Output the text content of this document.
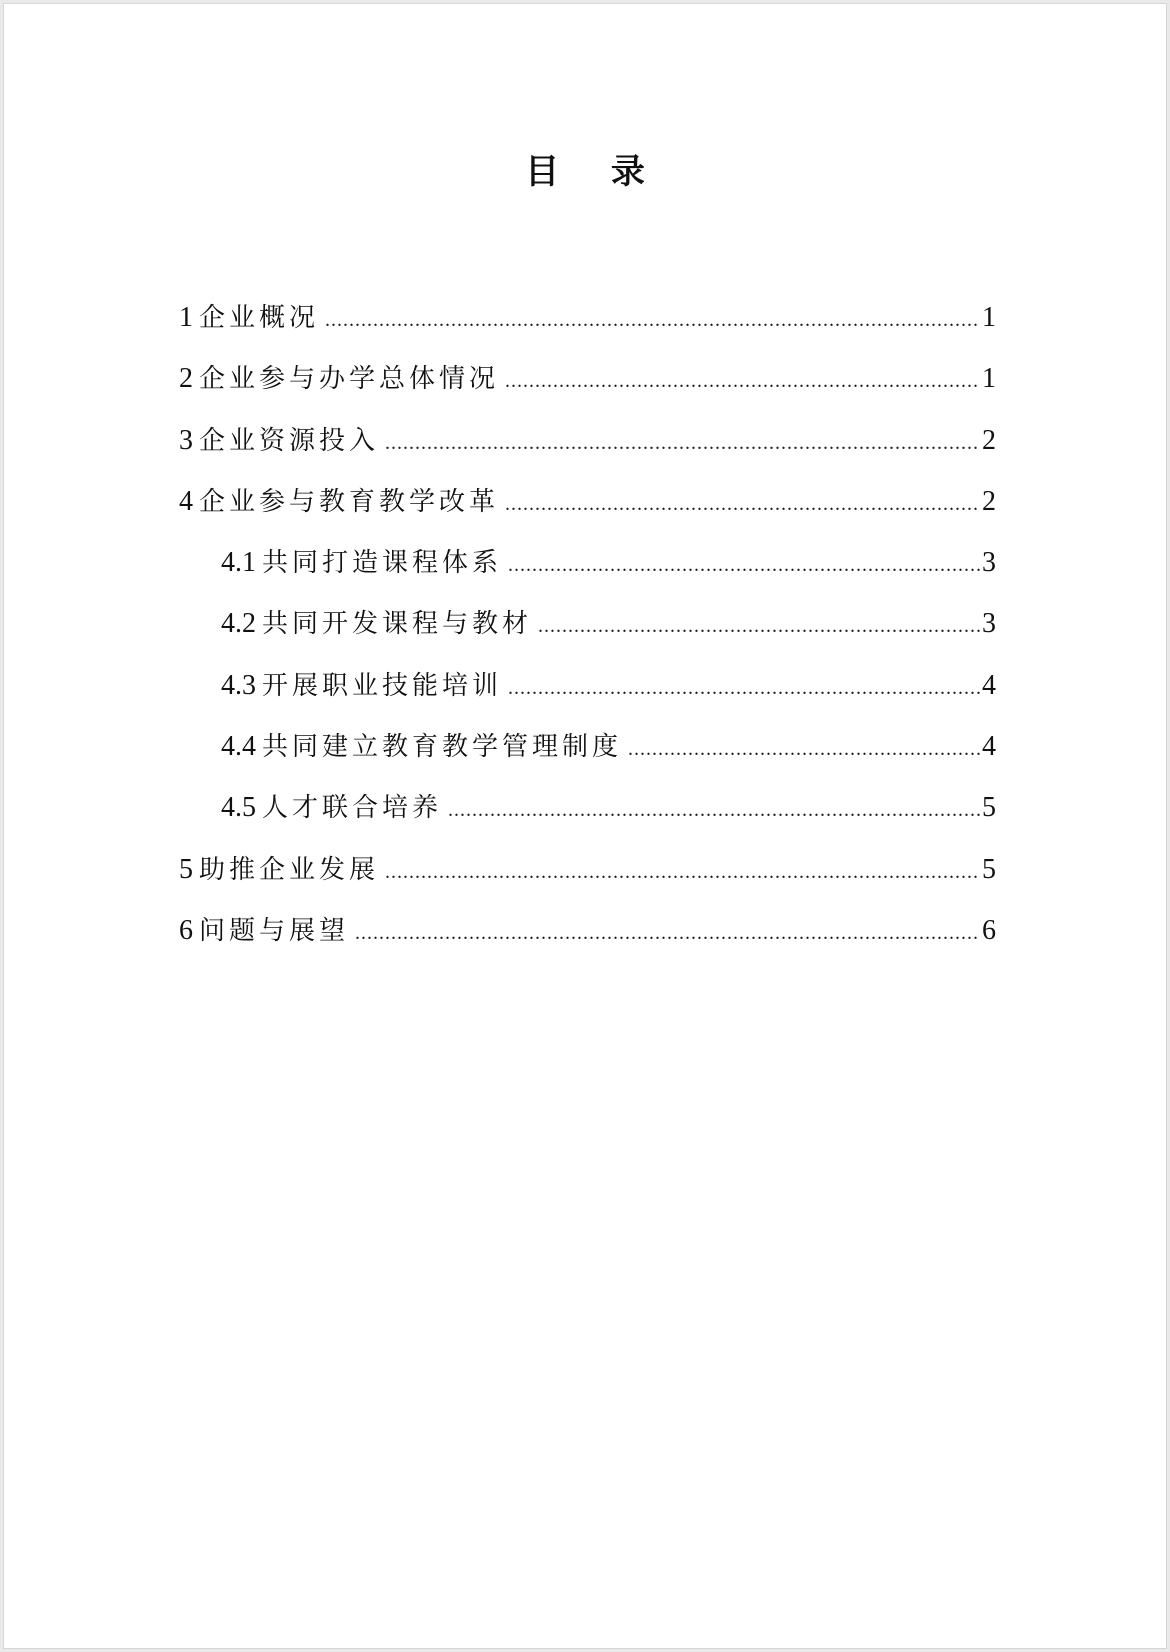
目 录
1 企业概况 .....	1
2 企业参与办学总体情况 .....	1
3 企业资源投入 .....	2
4 企业参与教育教学改革 .....	2
4.1 共同打造课程体系 .....	3
4.2 共同开发课程与教材 .....	3
4.3 开展职业技能培训 .....	4
4.4 共同建立教育教学管理制度 .....	4
4.5 人才联合培养 .....	5
5 助推企业发展 .....	5
6 问题与展望 .....	6
